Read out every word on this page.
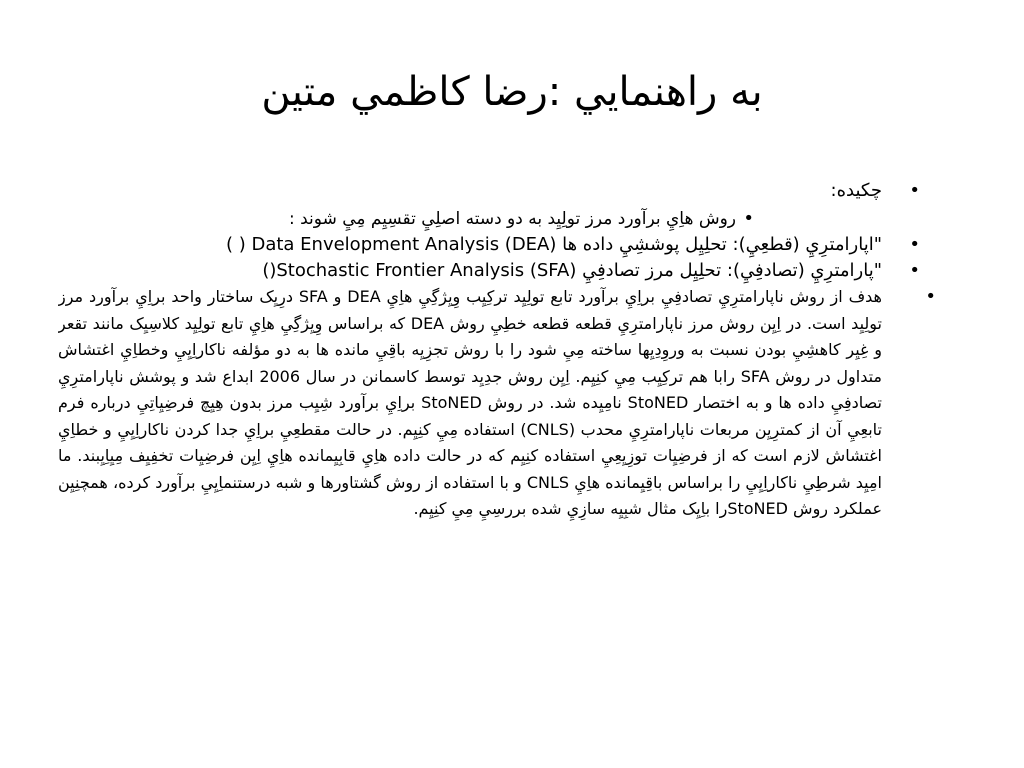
به راهنمايي :رضا كاظمي متين
•
چكيده:
•
روش هاِيِ برآورد مرز تولِيِد به دو دسته اصلِيِ تقسِيِم مِيِ شوند :
•
"اپارامترِيِ (قطعِيِ): تحلِيِل پوششِيِ داده ها Data Envelopment Analysis (DEA) ( )
•
"پارامترِيِ (تصادفِيِ): تحلِيِل مرز تصادفِيِ Stochastic Frontier Analysis (SFA)()
•
هدف از روش ناپارامترِيِ تصادفِيِ براِيِ برآورد تابع تولِيِد تركِيِب وِيِژگِيِ هاِيِ DEA و SFA درِيِک ساختار واحد براِيِ برآورد مرز تولِيِد است. در اِيِن روش مرز ناپارامترِيِ قطعه قطعه خطِيِ روش DEA كه براساس وِيِژگِيِ هاِيِ تابع تولِيِد كلاسِيِک مانند تقعر و غِيِر كاهشِيِ بودن نسبت به وروِدِيِها ساخته مِيِ شود را با روش تجزِيِه باقِيِ مانده ها به دو مؤلفه ناكاراِيِيِ وخطاِيِ اغتشاش متداول در روش SFA رابا هم تركِيِب مِيِ كنِيِم. اِيِن روش جدِيِد توسط كاسمانن در سال 2006 ابداع شد و پوشش ناپارامترِيِ تصادفِيِ داده ها و به اختصار StoNED نامِيِده شد. در روش StoNED براِيِ برآورد شِيِب مرز بدون هِيِچ فرضِيِاتِيِ درباره فرم تابعِيِ آن از كمترِيِن مربعات ناپارامترِيِ محدب (CNLS) استفاده مِيِ كنِيِم. در حالت مقطعِيِ براِيِ جدا كردن ناكاراِيِيِ و خطاِيِ اغتشاش لازم است كه از فرضِيِات توزِيِعِيِ استفاده كنِيِم كه در حالت داده هاِيِ قابِيِمانده هاِيِ اِيِن فرضِيِات تخفِيِف مِيِاِيِبند. ما امِيِد شرطِيِ ناكاراِيِيِ را براساس باقِيِمانده هاِيِ CNLS و با استفاده از روش گشتاورها و شبه درستنماِيِيِ برآورد كرده، همچنِيِن عملكرد روش StoNEDرا باِيِک مثال شبِيِه سازِيِ شده بررسِيِ مِيِ كنِيِم.
